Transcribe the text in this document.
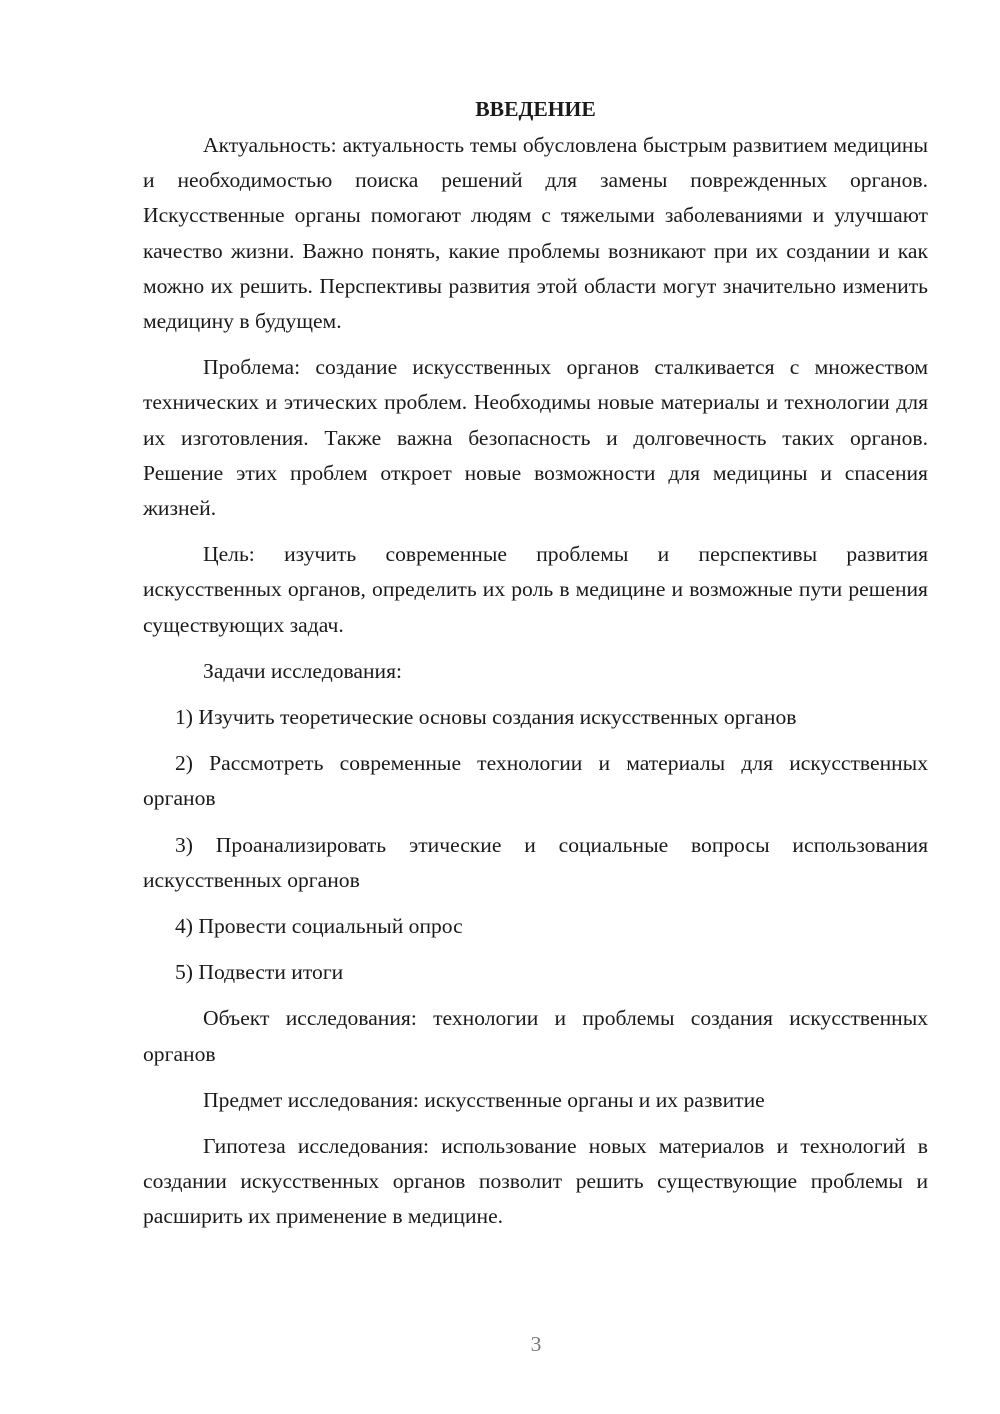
ВВЕДЕНИЕ

Актуальность: актуальность темы обусловлена быстрым развитием медицины и необходимостью поиска решений для замены поврежденных органов. Искусственные органы помогают людям с тяжелыми заболеваниями и улучшают качество жизни. Важно понять, какие проблемы возникают при их создании и как можно их решить. Перспективы развития этой области могут значительно изменить медицину в будущем.

Проблема: создание искусственных органов сталкивается с множеством технических и этических проблем. Необходимы новые материалы и технологии для их изготовления. Также важна безопасность и долговечность таких органов. Решение этих проблем откроет новые возможности для медицины и спасения жизней.

Цель: изучить современные проблемы и перспективы развития искусственных органов, определить их роль в медицине и возможные пути решения существующих задач.

Задачи исследования:

1) Изучить теоретические основы создания искусственных органов

2) Рассмотреть современные технологии и материалы для искусственных органов

3) Проанализировать этические и социальные вопросы использования искусственных органов

4) Провести социальный опрос

5) Подвести итоги

Объект исследования: технологии и проблемы создания искусственных органов

Предмет исследования: искусственные органы и их развитие

Гипотеза исследования: использование новых материалов и технологий в создании искусственных органов позволит решить существующие проблемы и расширить их применение в медицине.

3
